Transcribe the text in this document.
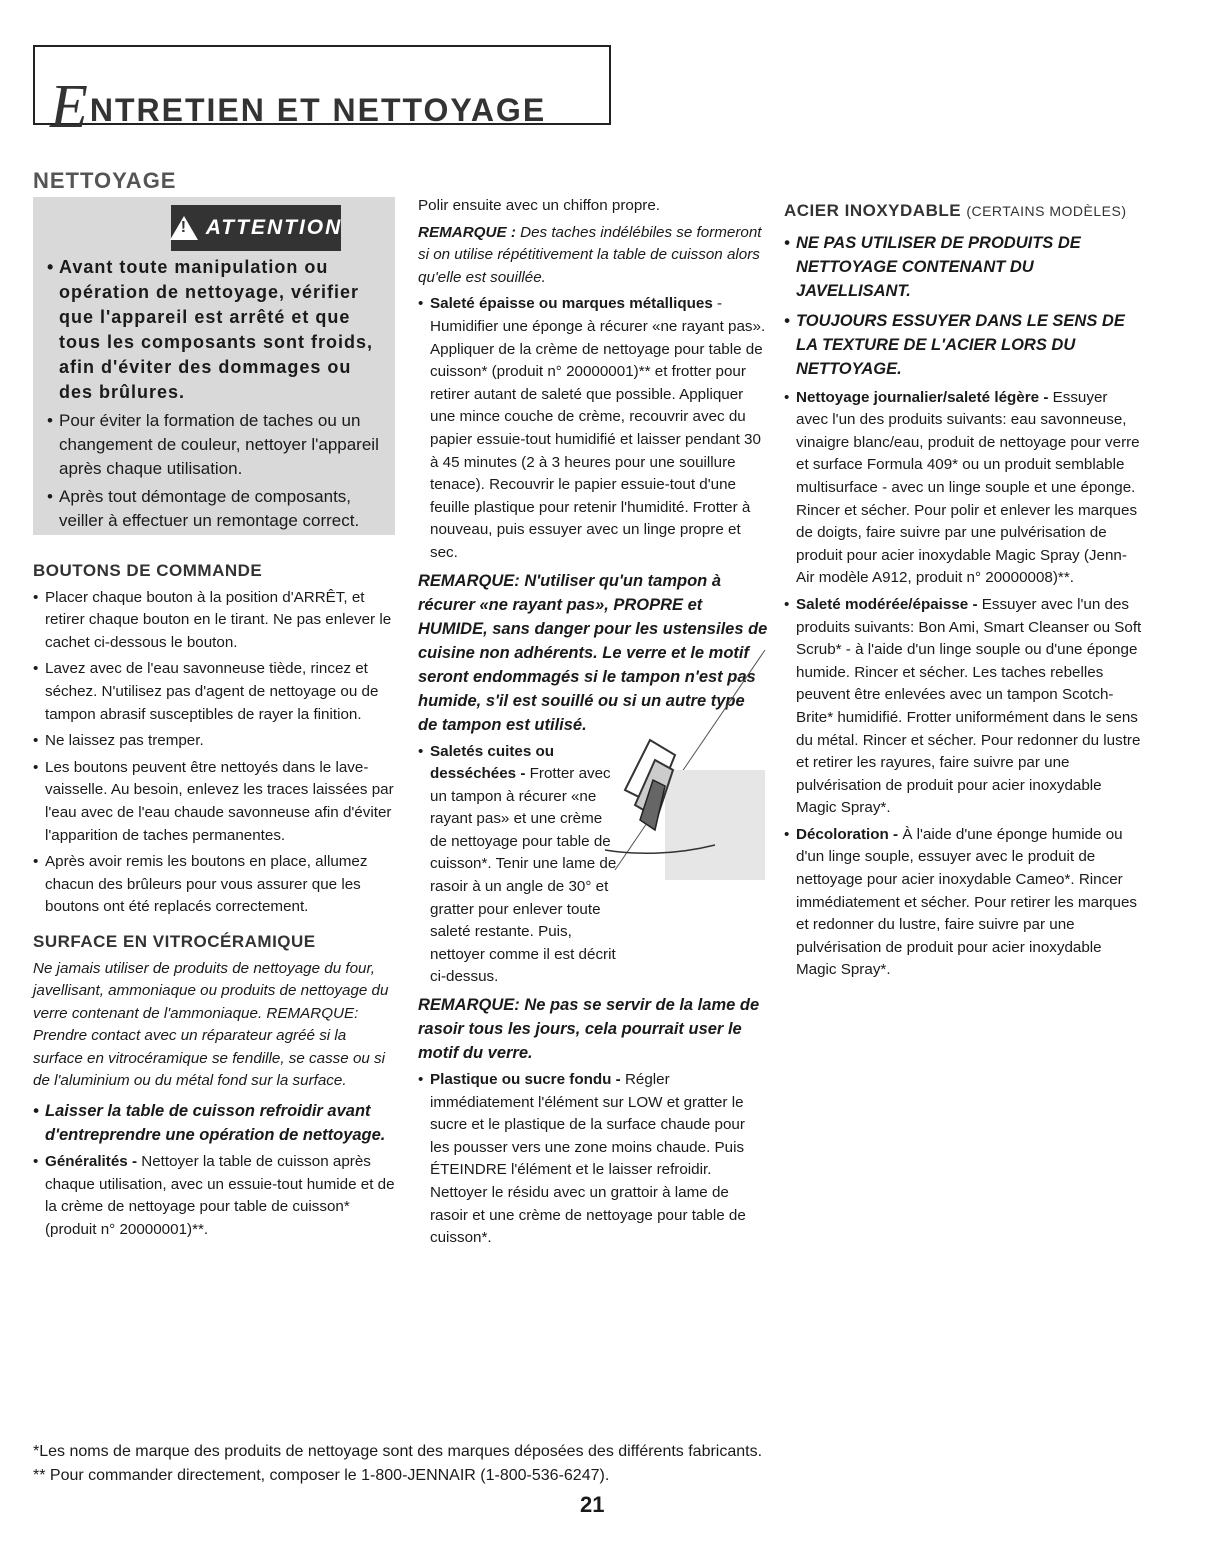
ENTRETIEN ET NETTOYAGE
NETTOYAGE
!
ATTENTION
• Avant toute manipulation ou opération de nettoyage, vérifier que l'appareil est arrêté et que tous les composants sont froids, afin d'éviter des dommages ou des brûlures.
• Pour éviter la formation de taches ou un changement de couleur, nettoyer l'appareil après chaque utilisation.
• Après tout démontage de composants, veiller à effectuer un remontage correct.
BOUTONS DE COMMANDE
• Placer chaque bouton à la position d'ARRÊT, et retirer chaque bouton en le tirant. Ne pas enlever le cachet ci-dessous le bouton.
• Lavez avec de l'eau savonneuse tiède, rincez et séchez. N'utilisez pas d'agent de nettoyage ou de tampon abrasif susceptibles de rayer la finition.
• Ne laissez pas tremper.
• Les boutons peuvent être nettoyés dans le lave-vaisselle. Au besoin, enlevez les traces laissées par l'eau avec de l'eau chaude savonneuse afin d'éviter l'apparition de taches permanentes.
• Après avoir remis les boutons en place, allumez chacun des brûleurs pour vous assurer que les boutons ont été replacés correctement.
SURFACE EN VITROCÉRAMIQUE

Ne jamais utiliser de produits de nettoyage du four, javellisant, ammoniaque ou produits de nettoyage du verre contenant de l'ammoniaque. REMARQUE: Prendre contact avec un réparateur agréé si la surface en vitrocéramique se fendille, se casse ou si de l'aluminium ou du métal fond sur la surface.

• Laisser la table de cuisson refroidir avant d'entreprendre une opération de nettoyage.
• Généralités - Nettoyer la table de cuisson après chaque utilisation, avec un essuie-tout humide et de la crème de nettoyage pour table de cuisson* (produit n° 20000001)**.

Polir ensuite avec un chiffon propre.

REMARQUE : Des taches indélébiles se formeront si on utilise répétitivement la table de cuisson alors qu'elle est souillée.

• Saleté épaisse ou marques métalliques - Humidifier une éponge à récurer «ne rayant pas». Appliquer de la crème de nettoyage pour table de cuisson* (produit n° 20000001)** et frotter pour retirer autant de saleté que possible. Appliquer une mince couche de crème, recouvrir avec du papier essuie-tout humidifié et laisser pendant 30 à 45 minutes (2 à 3 heures pour une souillure tenace). Recouvrir le papier essuie-tout d'une feuille plastique pour retenir l'humidité. Frotter à nouveau, puis essuyer avec un linge propre et sec.

REMARQUE: N'utiliser qu'un tampon à récurer «ne rayant pas», PROPRE et HUMIDE, sans danger pour les ustensiles de cuisine non adhérents. Le verre et le motif seront endommagés si le tampon n'est pas humide, s'il est souillé ou si un autre type de tampon est utilisé.

• Saletés cuites ou desséchées - Frotter avec un tampon à récurer «ne rayant pas» et une crème de nettoyage pour table de cuisson*. Tenir une lame de rasoir à un angle de 30° et gratter pour enlever toute saleté restante. Puis, nettoyer comme il est décrit ci-dessus.

REMARQUE: Ne pas se servir de la lame de rasoir tous les jours, cela pourrait user le motif du verre.

• Plastique ou sucre fondu - Régler immédiatement l'élément sur LOW et gratter le sucre et le plastique de la surface chaude pour les pousser vers une zone moins chaude. Puis ÉTEINDRE l'élément et le laisser refroidir. Nettoyer le résidu avec un grattoir à lame de rasoir et une crème de nettoyage pour table de cuisson*.
ACIER INOXYDABLE (CERTAINS MODÈLES)
• NE PAS UTILISER DE PRODUITS DE NETTOYAGE CONTENANT DU JAVELLISANT.
• TOUJOURS ESSUYER DANS LE SENS DE LA TEXTURE DE L'ACIER LORS DU NETTOYAGE.
• Nettoyage journalier/saleté légère - Essuyer avec l'un des produits suivants: eau savonneuse, vinaigre blanc/eau, produit de nettoyage pour verre et surface Formula 409* ou un produit semblable multisurface - avec un linge souple et une éponge. Rincer et sécher. Pour polir et enlever les marques de doigts, faire suivre par une pulvérisation de produit pour acier inoxydable Magic Spray (Jenn-Air modèle A912, produit n° 20000008)**.
• Saleté modérée/épaisse - Essuyer avec l'un des produits suivants: Bon Ami, Smart Cleanser ou Soft Scrub* - à l'aide d'un linge souple ou d'une éponge humide. Rincer et sécher. Les taches rebelles peuvent être enlevées avec un tampon Scotch-Brite* humidifié. Frotter uniformément dans le sens du métal. Rincer et sécher. Pour redonner du lustre et retirer les rayures, faire suivre par une pulvérisation de produit pour acier inoxydable Magic Spray*.
• Décoloration - À l'aide d'une éponge humide ou d'un linge souple, essuyer avec le produit de nettoyage pour acier inoxydable Cameo*. Rincer immédiatement et sécher. Pour retirer les marques et redonner du lustre, faire suivre par une pulvérisation de produit pour acier inoxydable Magic Spray*.
*Les noms de marque des produits de nettoyage sont des marques déposées des différents fabricants.
** Pour commander directement, composer le 1-800-JENNAIR (1-800-536-6247).
21
